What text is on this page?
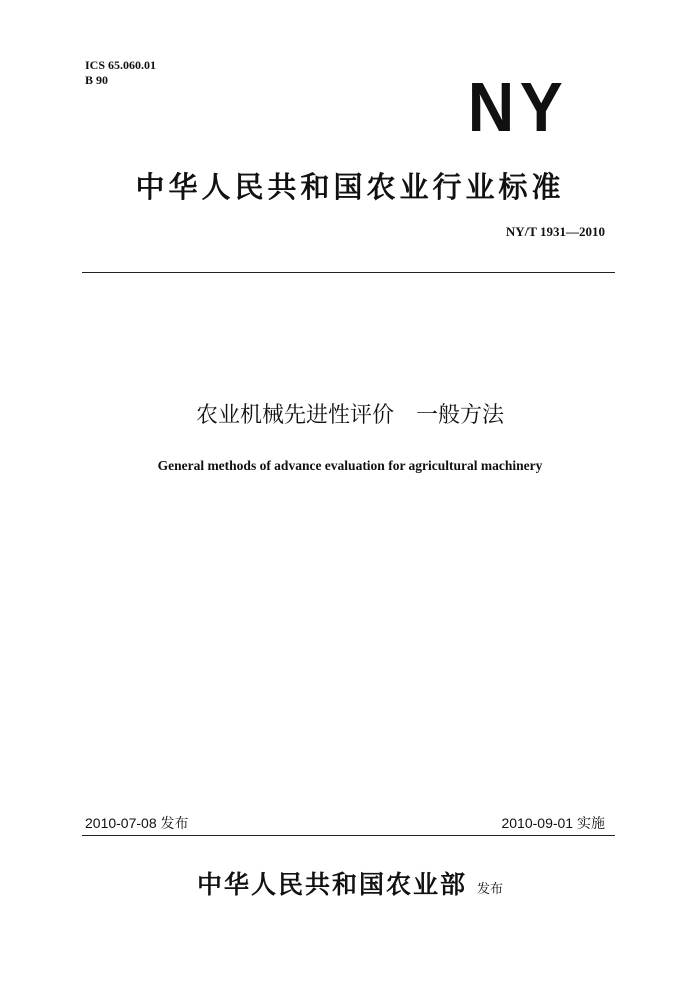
ICS 65.060.01
B 90	NY
中华人民共和国农业行业标准
NY/T 1931—2010
农业机械先进性评价　一般方法
General methods of advance evaluation for agricultural machinery
2010-07-08 发布	2010-09-01 实施
中华人民共和国农业部 发布
